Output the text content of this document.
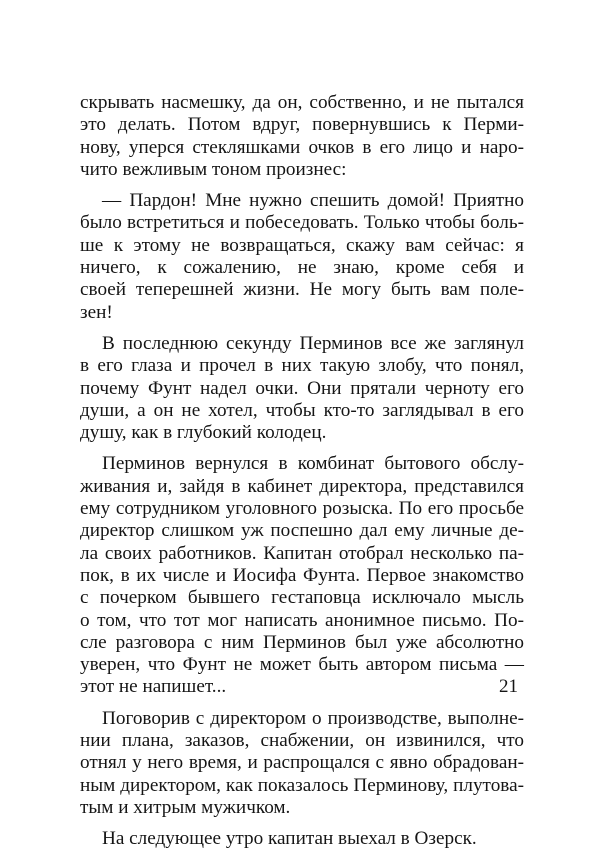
скрывать насмешку, да он, собственно, и не пытался
это делать. Потом вдруг, повернувшись к Перми-
нову, уперся стекляшками очков в его лицо и наро-
чито вежливым тоном произнес:
— Пардон! Мне нужно спешить домой! Приятно
было встретиться и побеседовать. Только чтобы боль-
ше к этому не возвращаться, скажу вам сейчас: я
ничего, к сожалению, не знаю, кроме себя и
своей теперешней жизни. Не могу быть вам поле-
зен!
В последнюю секунду Перминов все же заглянул
в его глаза и прочел в них такую злобу, что понял,
почему Фунт надел очки. Они прятали черноту его
души, а он не хотел, чтобы кто-то заглядывал в его
душу, как в глубокий колодец.
Перминов вернулся в комбинат бытового обслу-
живания и, зайдя в кабинет директора, представился
ему сотрудником уголовного розыска. По его просьбе
директор слишком уж поспешно дал ему личные де-
ла своих работников. Капитан отобрал несколько па-
пок, в их числе и Иосифа Фунта. Первое знакомство
с почерком бывшего гестаповца исключало мысль
о том, что тот мог написать анонимное письмо. По-
сле разговора с ним Перминов был уже абсолютно
уверен, что Фунт не может быть автором письма —
этот не напишет...
Поговорив с директором о производстве, выполне-
нии плана, заказов, снабжении, он извинился, что
отнял у него время, и распрощался с явно обрадован-
ным директором, как показалось Перминову, плутова-
тым и хитрым мужичком.
На следующее утро капитан выехал в Озерск.
21
